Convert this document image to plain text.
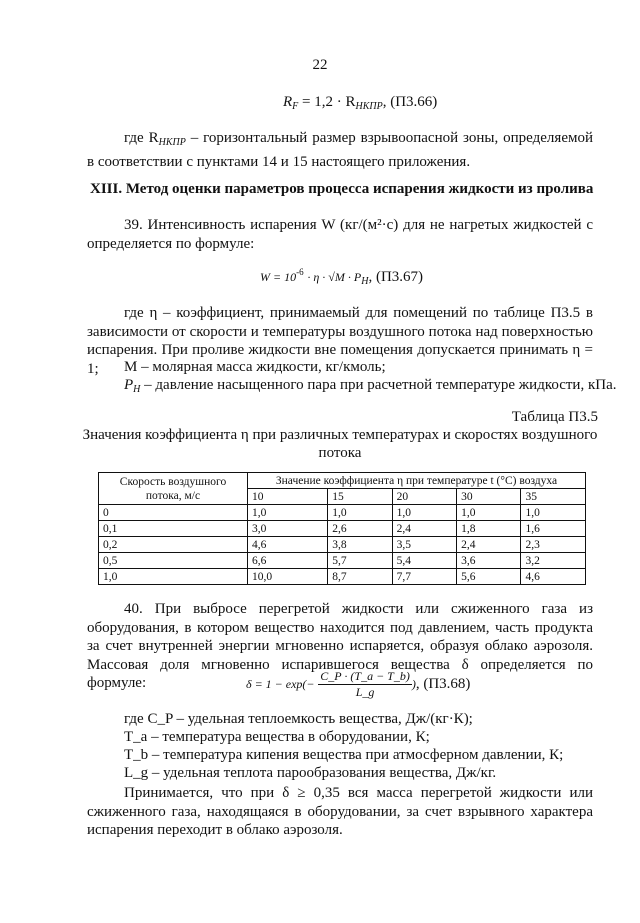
22
$R_F = 1,2 \cdot R_{НКПР}$, (П3.66)
где $R_{НКПР}$ – горизонтальный размер взрывоопасной зоны, определяемой в соответствии с пунктами 14 и 15 настоящего приложения.
XIII. Метод оценки параметров процесса испарения жидкости из пролива
39. Интенсивность испарения W (кг/(м²·с) для не нагретых жидкостей с определяется по формуле:
$W = 10^{-6} \cdot \eta \cdot √M \cdot P_Н$, (П3.67)
где η – коэффициент, принимаемый для помещений по таблице П3.5 в зависимости от скорости и температуры воздушного потока над поверхностью испарения. При проливе жидкости вне помещения допускается принимать η = 1;	M – молярная масса жидкости, кг/кмоль;
$P_Н$ – давление насыщенного пара при расчетной температуре жидкости, кПа.
Таблица П3.5
Значения коэффициента η при различных температурах и скоростях воздушного потока
Скорость воздушного потока, м/с	Значение коэффициента η при температуре t (°С) воздуха				
	10	15	20	30	35
0	1,0	1,0	1,0	1,0	1,0
0,1	3,0	2,6	2,4	1,8	1,6
0,2	4,6	3,8	3,5	2,4	2,3
0,5	6,6	5,7	5,4	3,6	3,2
1,0	10,0	8,7	7,7	5,6	4,6
40. При выбросе перегретой жидкости или сжиженного газа из оборудования, в котором вещество находится под давлением, часть продукта за счет внутренней энергии мгновенно испаряется, образуя облако аэрозоля. Массовая доля мгновенно испарившегося вещества δ определяется по формуле:	$\delta = 1 - \exp(- \frac{C\_P \cdot (T\_a - T\_b)}{L\_g}$ ), (П3.68)
где C_P – удельная теплоемкость вещества, Дж/(кг·К);
T_a – температура вещества в оборудовании, К;
T_b – температура кипения вещества при атмосферном давлении, К;
L_g – удельная теплота парообразования вещества, Дж/кг.
Принимается, что при δ ≥ 0,35 вся масса перегретой жидкости или сжиженного газа, находящаяся в оборудовании, за счет взрывного характера испарения переходит в облако аэрозоля.
